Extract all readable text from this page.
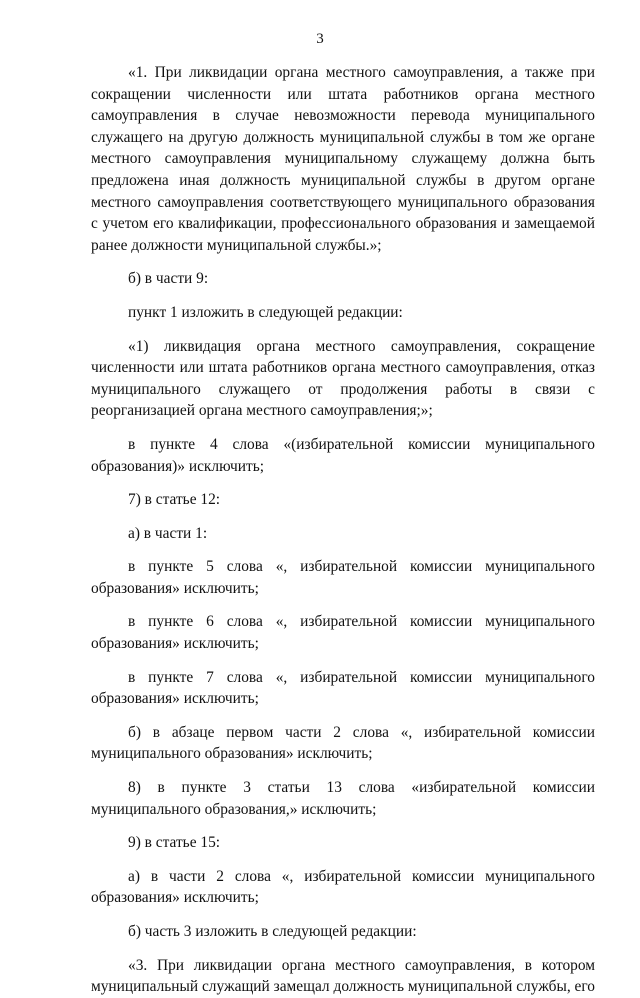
3

«1. При ликвидации органа местного самоуправления, а также при сокращении численности или штата работников органа местного самоуправления в случае невозможности перевода муниципального служащего на другую должность муниципальной службы в том же органе местного самоуправления муниципальному служащему должна быть предложена иная должность муниципальной службы в другом органе местного самоуправления соответствующего муниципального образования с учетом его квалификации, профессионального образования и замещаемой ранее должности муниципальной службы.»;

б) в части 9:

пункт 1 изложить в следующей редакции:

«1) ликвидация органа местного самоуправления, сокращение численности или штата работников органа местного самоуправления, отказ муниципального служащего от продолжения работы в связи с реорганизацией органа местного самоуправления;»;

в пункте 4 слова «(избирательной комиссии муниципального образования)» исключить;

7) в статье 12:

а) в части 1:

в пункте 5 слова «, избирательной комиссии муниципального образования» исключить;

в пункте 6 слова «, избирательной комиссии муниципального образования» исключить;

в пункте 7 слова «, избирательной комиссии муниципального образования» исключить;

б) в абзаце первом части 2 слова «, избирательной комиссии муниципального образования» исключить;

8) в пункте 3 статьи 13 слова «избирательной комиссии муниципального образования,» исключить;

9) в статье 15:

а) в части 2 слова «, избирательной комиссии муниципального образования» исключить;

б) часть 3 изложить в следующей редакции:

«3. При ликвидации органа местного самоуправления, в котором муниципальный служащий замещал должность муниципальной службы, его
